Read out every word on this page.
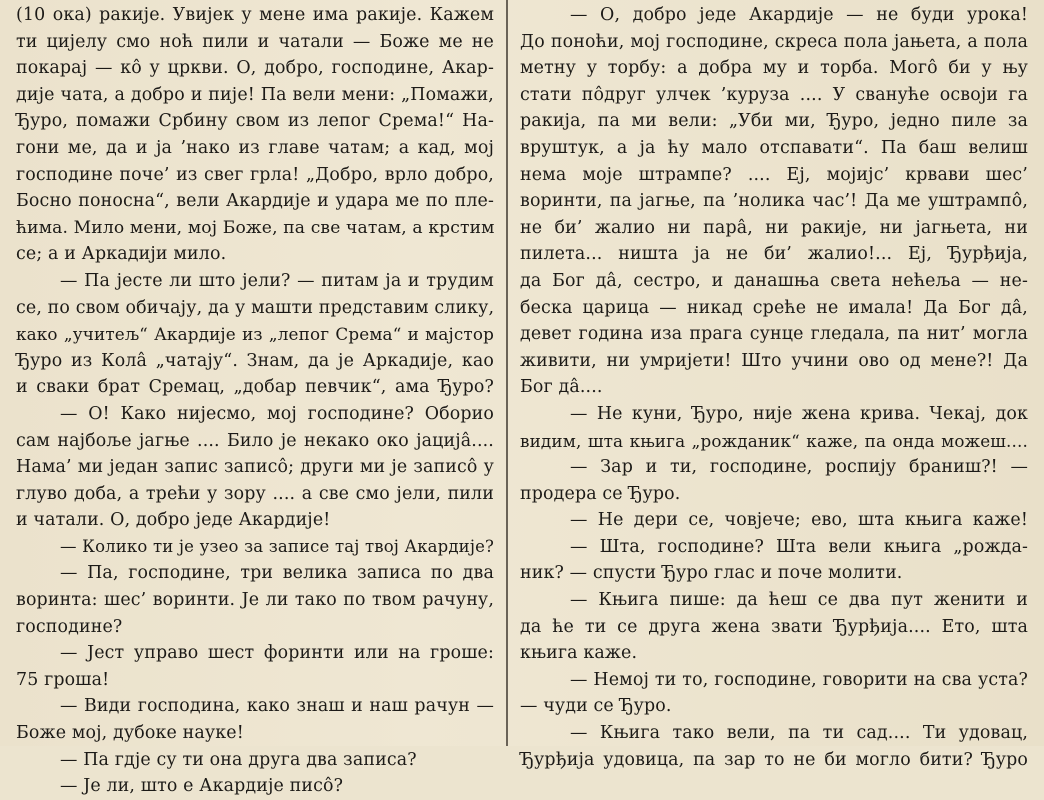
(10 ока) ракије. Увијек у мене има ракије. Кажем
ти цијелу смо ноћ пили и чатали — Боже ме не
покарај — кô у цркви. О, добро, господине, Акар-
дије чата, а добро и пије! Па вели мени: „Помажи,
Ђуро, помажи Србину свом из лепог Срема!“ На-
гони ме, да и ја ’нако из главе чатам; а кад, мој
господине поче’ из свег грла! „Добро, врло добро,
Босно поносна“, вели Акардије и удара ме по пле-
ћима. Мило мени, мој Боже, па све чатам, а крстим
се; а и Аркадији мило.
— Па јесте ли што јели? — питам ја и трудим
се, по свом обичају, да у машти представим слику,
како „учитељ“ Акардије из „лепог Срема“ и мајстор
Ђуро из Колâ „чатају“. Знам, да је Аркадије, као
и сваки брат Сремац, „добар певчик“, ама Ђуро?
— О! Како нијесмо, мој господине? Оборио
сам најбоље јагње .... Било је некако око јацијâ....
Нама’ ми један запис записô; други ми је записô у
глуво доба, а трећи у зору .... а све смо јели, пили
и чатали. О, добро једе Акардије!
— Колико ти је узео за записе тај твој Акардије?
— Па, господине, три велика записа по два
воринта: шес’ воринти. Је ли тако по твом рачуну,
господине?
— Јест управо шест форинти или на гроше:
75 гроша!
— Види господина, како знаш и наш рачун —
Боже мој, дубоке науке!
— Па гдје су ти она друга два записа?
— Је ли, што е Акардије писô?
— О, добро једе Акардије — не буди урока!
До поноћи, мој господине, скреса пола јањета, а пола
метну у торбу: а добра му и торба. Могô би у њу
стати пôдруг улчек ’куруза .... У свануће освоји га
ракија, па ми вели: „Уби ми, Ђуро, једно пиле за
вруштук, а ја ћу мало отспавати“. Па баш велиш
нема моје штрампе? .... Еј, мојијс’ крвави шес’
воринти, па јагње, па ’нолика час’! Да ме уштрампô,
не би’ жалио ни парâ, ни ракије, ни јагњета, ни
пилета... ништа ја не би’ жалио!... Еј, Ђурђија,
да Бог дâ, сестро, и данашња света нећеља — не-
беска царица — никад среће не имала! Да Бог дâ,
девет година иза прага сунце гледала, па нит’ могла
живити, ни умријети! Што учини ово од мене?! Да
Бог дâ....
— Не куни, Ђуро, није жена крива. Чекај, док
видим, шта књига „рожданик“ каже, па онда можеш....
— Зар и ти, господине, роспију браниш?! —
продера се Ђуро.
— Не дери се, човјече; ево, шта књига каже!
— Шта, господине? Шта вели књига „рожда-
ник? — спусти Ђуро глас и поче молити.
— Књига пише: да ћеш се два пут женити и
да ће ти се друга жена звати Ђурђија.... Ето, шта
књига каже.
— Немој ти то, господине, говорити на сва уста?
— чуди се Ђуро.
— Књига тако вели, па ти сад.... Ти удовац,
Ђурђија удовица, па зар то не би могло бити? Ђуро
